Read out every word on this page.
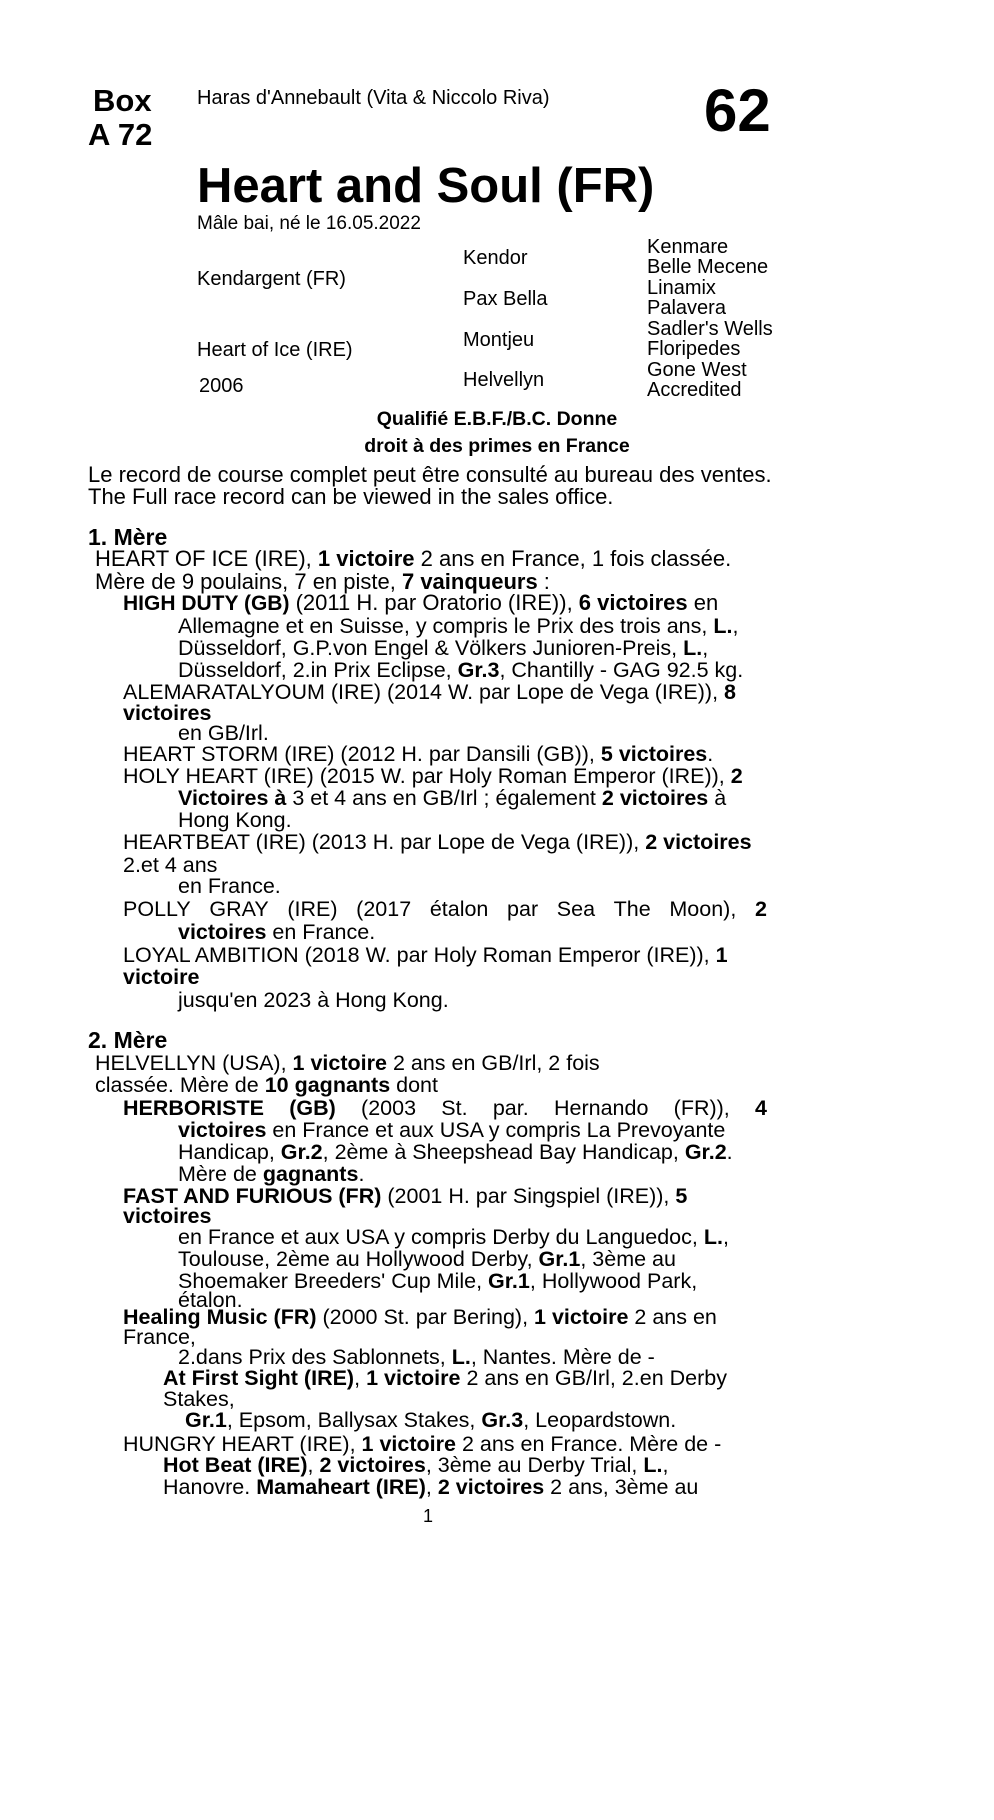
Box
A 72
Haras d'Annebault (Vita & Niccolo Riva)	62
Heart and Soul (FR)
Mâle bai, né le 16.05.2022
Kendargent (FR)
Heart of Ice (IRE)
2006
Kendor
Pax Bella
Montjeu
Helvellyn
Kenmare
Belle Mecene
Linamix
Palavera
Sadler's Wells
Floripedes
Gone West
Accredited
Qualifié E.B.F./B.C. Donne
droit à des primes en France
Le record de course complet peut être consulté au bureau des ventes.
The Full race record can be viewed in the sales office.
1. Mère
HEART OF ICE (IRE), 1 victoire 2 ans en France, 1 fois classée.
Mère de 9 poulains, 7 en piste, 7 vainqueurs :
HIGH DUTY (GB) (2011 H. par Oratorio (IRE)), 6 victoires en
Allemagne et en Suisse, y compris le Prix des trois ans, L.,
Düsseldorf, G.P.von Engel & Völkers Junioren-Preis, L.,
Düsseldorf, 2.in Prix Eclipse, Gr.3, Chantilly - GAG 92.5 kg.
ALEMARATALYOUM (IRE) (2014 W. par Lope de Vega (IRE)), 8
victoires
en GB/Irl.
HEART STORM (IRE) (2012 H. par Dansili (GB)), 5 victoires.
HOLY HEART (IRE) (2015 W. par Holy Roman Emperor (IRE)), 2
Victoires à 3 et 4 ans en GB/Irl ; également 2 victoires à
Hong Kong.
HEARTBEAT (IRE) (2013 H. par Lope de Vega (IRE)), 2 victoires
2.et 4 ans
en France.
POLLY GRAY (IRE) (2017 étalon par Sea The Moon), 2
victoires en France.
LOYAL AMBITION (2018 W. par Holy Roman Emperor (IRE)), 1
victoire
jusqu'en 2023 à Hong Kong.
2. Mère
HELVELLYN (USA), 1 victoire 2 ans en GB/Irl, 2 fois
classée. Mère de 10 gagnants dont
HERBORISTE (GB) (2003 St. par. Hernando (FR)), 4
victoires en France et aux USA y compris La Prevoyante
Handicap, Gr.2, 2ème à Sheepshead Bay Handicap, Gr.2.
Mère de gagnants.
FAST AND FURIOUS (FR) (2001 H. par Singspiel (IRE)), 5
victoires
en France et aux USA y compris Derby du Languedoc, L.,
Toulouse, 2ème au Hollywood Derby, Gr.1, 3ème au
Shoemaker Breeders' Cup Mile, Gr.1, Hollywood Park,
étalon.
Healing Music (FR) (2000 St. par Bering), 1 victoire 2 ans en
France,
2.dans Prix des Sablonnets, L., Nantes. Mère de -
At First Sight (IRE), 1 victoire 2 ans en GB/Irl, 2.en Derby
Stakes,
Gr.1, Epsom, Ballysax Stakes, Gr.3, Leopardstown.
HUNGRY HEART (IRE), 1 victoire 2 ans en France. Mère de -
Hot Beat (IRE), 2 victoires, 3ème au Derby Trial, L.,
Hanovre. Mamaheart (IRE), 2 victoires 2 ans, 3ème au
1
